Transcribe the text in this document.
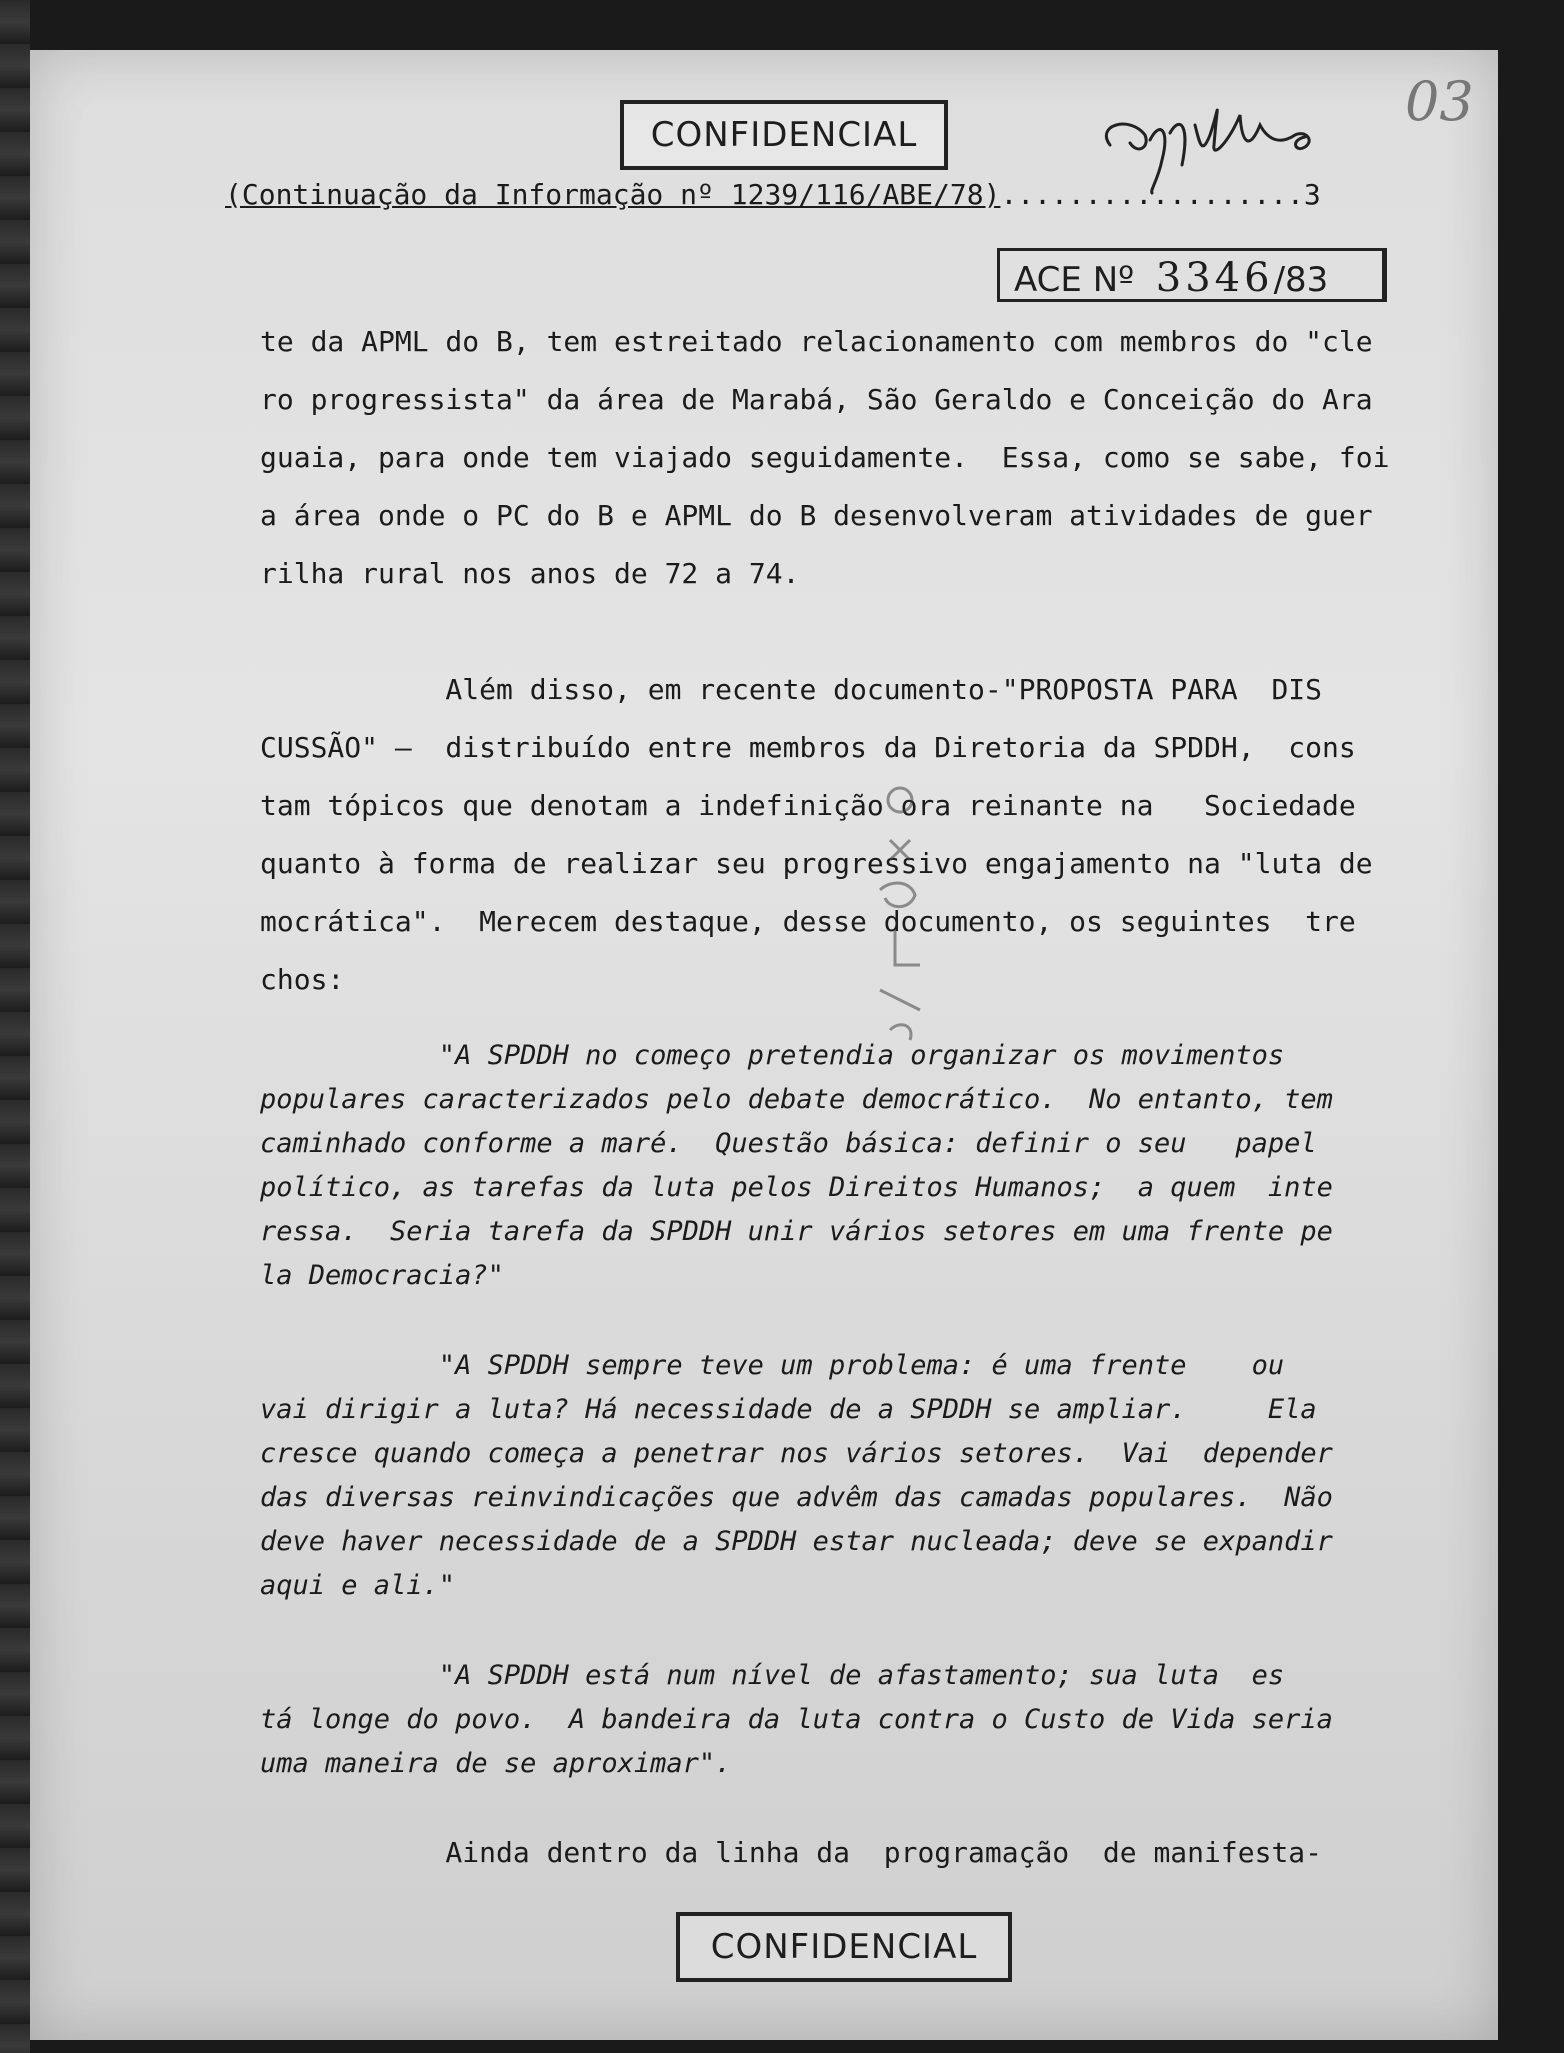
CONFIDENCIAL
03
(Continuação da Informação nº 1239/116/ABE/78)..................3
ACE Nº 3346/83
te da APML do B, tem estreitado relacionamento com membros do "cle
ro progressista" da área de Marabá, São Geraldo e Conceição do Ara
guaia, para onde tem viajado seguidamente.  Essa, como se sabe, foi
a área onde o PC do B e APML do B desenvolveram atividades de guer
rilha rural nos anos de 72 a 74.
Além disso, em recente documento-"PROPOSTA PARA  DIS
CUSSÃO" —  distribuído entre membros da Diretoria da SPDDH,  cons
tam tópicos que denotam a indefinição ora reinante na   Sociedade
quanto à forma de realizar seu progressivo engajamento na "luta de
mocrática".  Merecem destaque, desse documento, os seguintes  tre
chos:
"A SPDDH no começo pretendia organizar os movimentos
populares caracterizados pelo debate democrático.  No entanto, tem
caminhado conforme a maré.  Questão básica: definir o seu   papel
político, as tarefas da luta pelos Direitos Humanos;  a quem  inte
ressa.  Seria tarefa da SPDDH unir vários setores em uma frente pe
la Democracia?"
"A SPDDH sempre teve um problema: é uma frente    ou
vai dirigir a luta? Há necessidade de a SPDDH se ampliar.     Ela
cresce quando começa a penetrar nos vários setores.  Vai  depender
das diversas reinvindicações que advêm das camadas populares.  Não
deve haver necessidade de a SPDDH estar nucleada; deve se expandir
aqui e ali."
"A SPDDH está num nível de afastamento; sua luta  es
tá longe do povo.  A bandeira da luta contra o Custo de Vida seria
uma maneira de se aproximar".
Ainda dentro da linha da  programação  de manifesta-
CONFIDENCIAL
